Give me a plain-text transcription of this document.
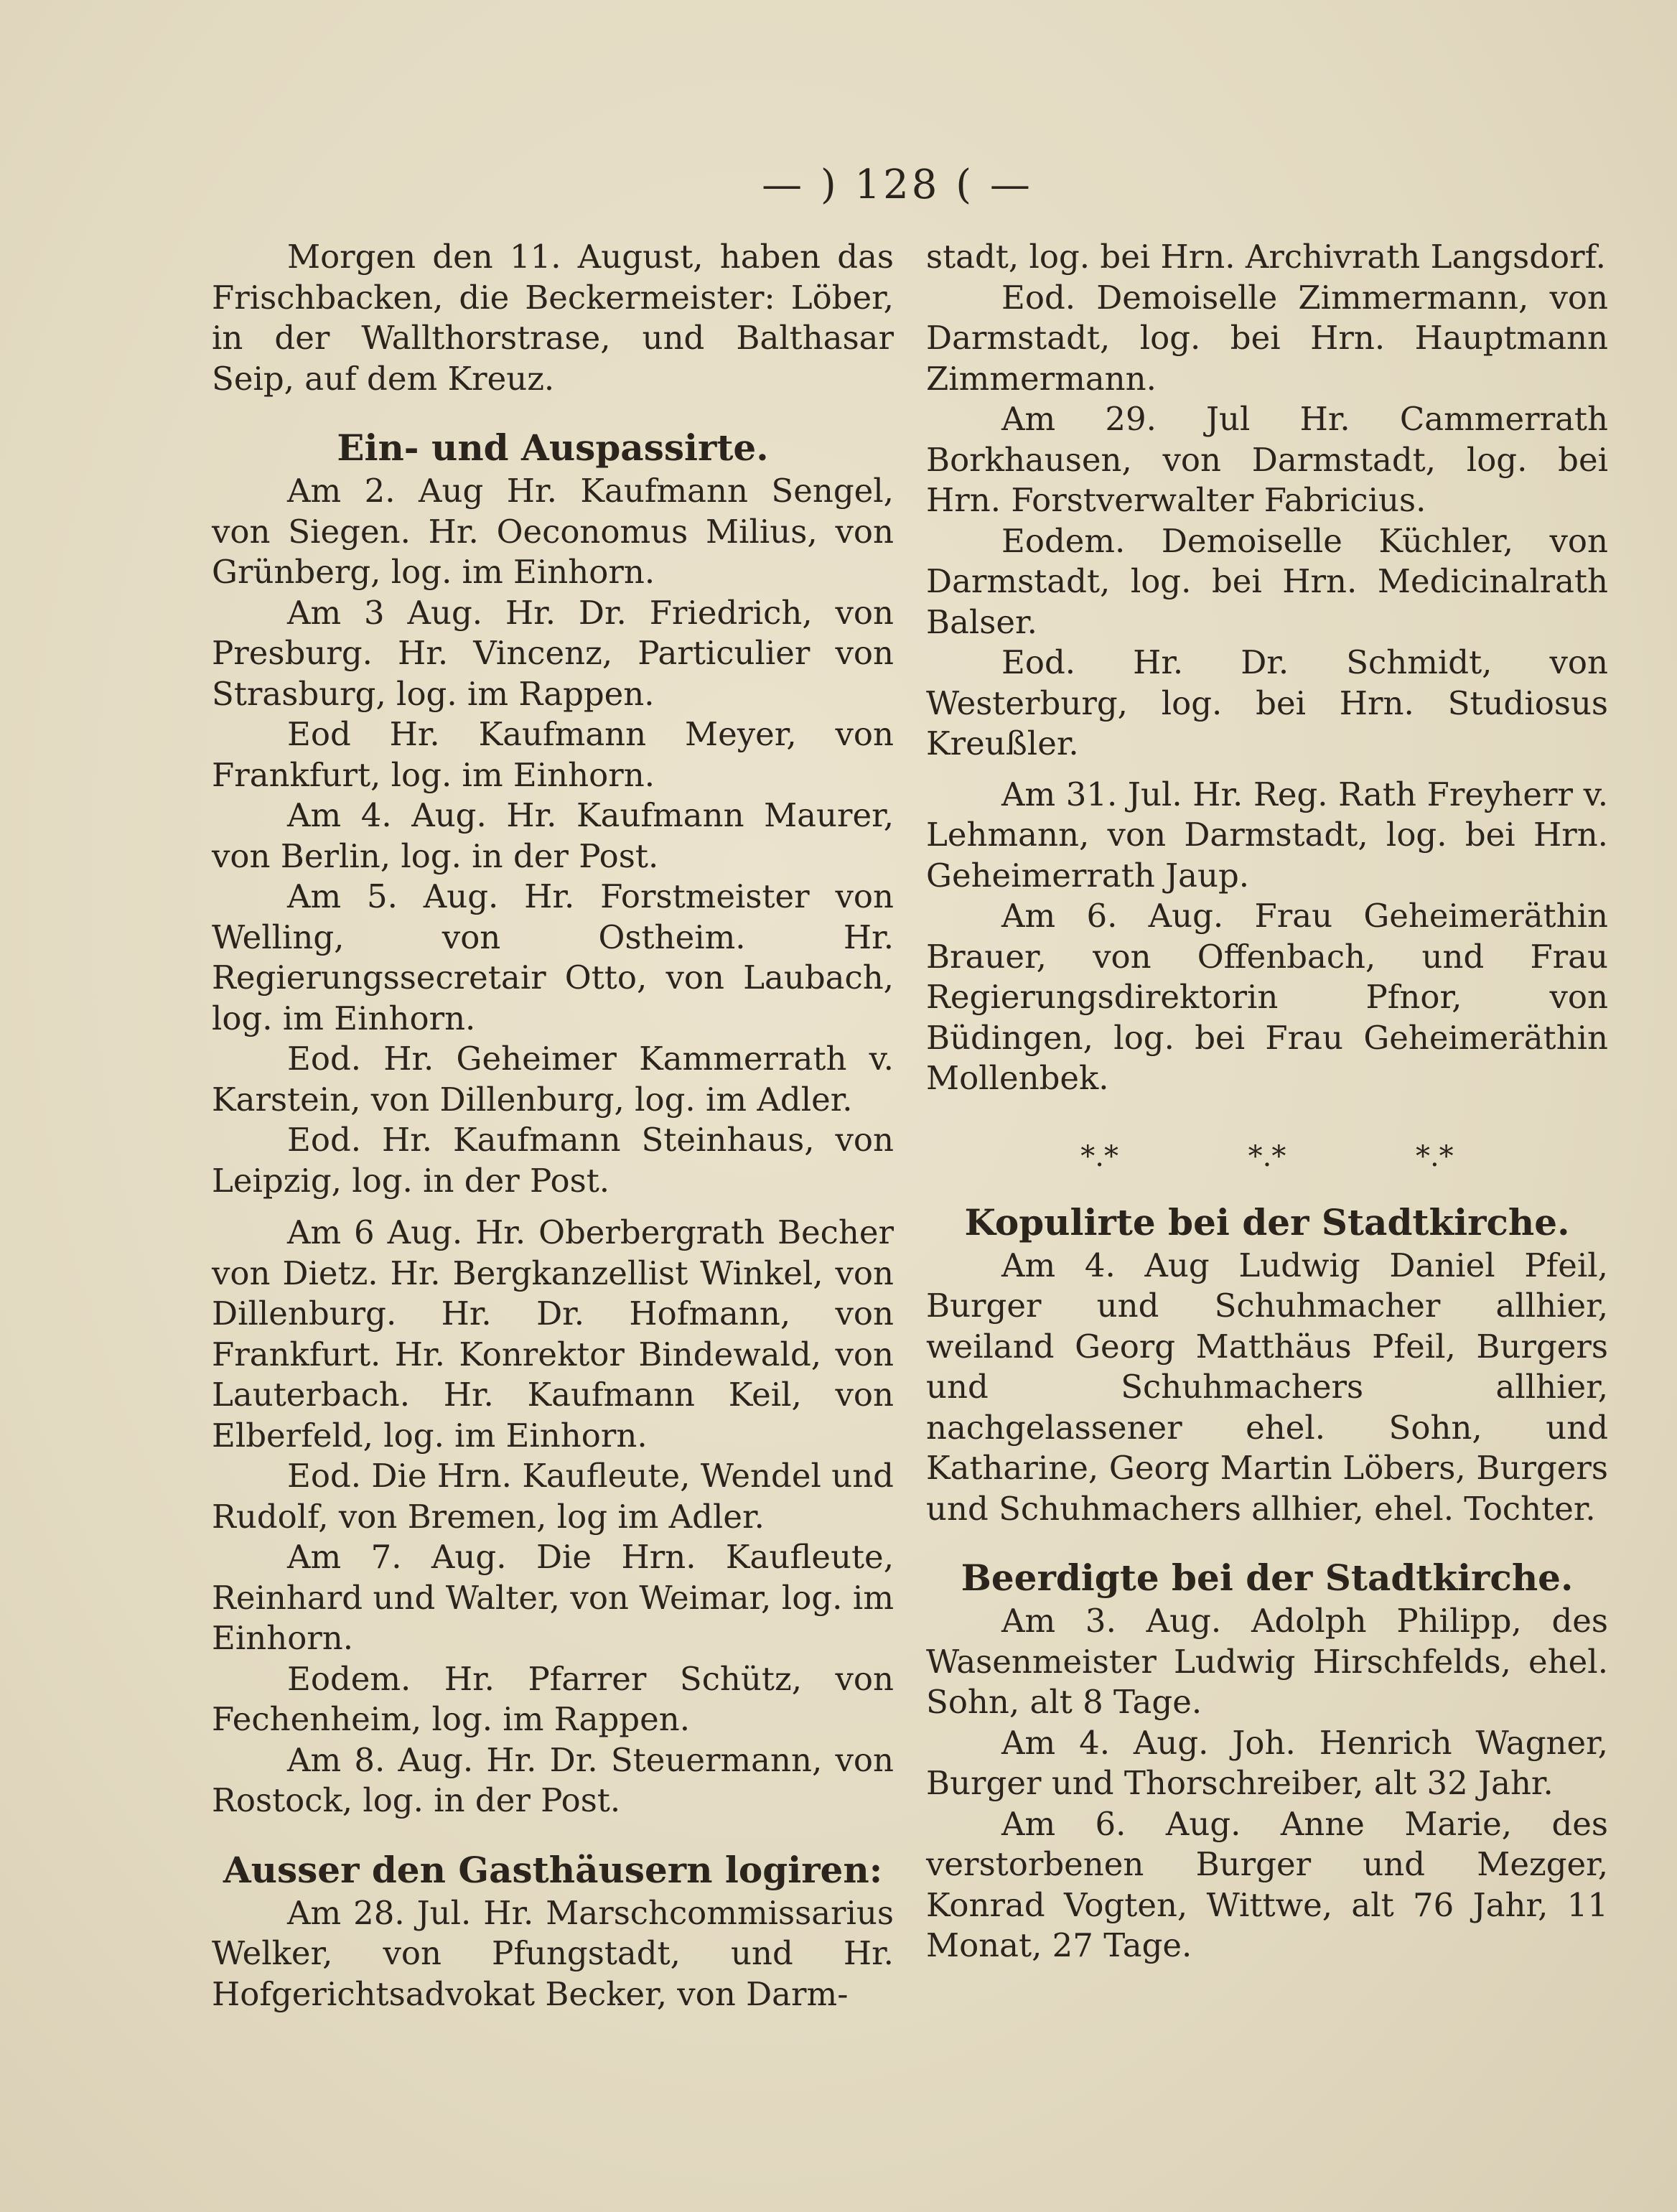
— ) 128 ( —

Morgen den 11. August, haben das Frischbacken, die Beckermeister: Löber, in der Wallthorstrase, und Balthasar Seip, auf dem Kreuz.

Ein- und Auspassirte.

Am 2. Aug Hr. Kaufmann Sengel, von Siegen. Hr. Oeconomus Milius, von Grünberg, log. im Einhorn.

Am 3 Aug. Hr. Dr. Friedrich, von Presburg. Hr. Vincenz, Particulier von Strasburg, log. im Rappen.

Eod Hr. Kaufmann Meyer, von Frankfurt, log. im Einhorn.

Am 4. Aug. Hr. Kaufmann Maurer, von Berlin, log. in der Post.

Am 5. Aug. Hr. Forstmeister von Welling, von Ostheim. Hr. Regierungssecretair Otto, von Laubach, log. im Einhorn.

Eod. Hr. Geheimer Kammerrath v. Karstein, von Dillenburg, log. im Adler.

Eod. Hr. Kaufmann Steinhaus, von Leipzig, log. in der Post.

Am 6 Aug. Hr. Oberbergrath Becher von Dietz. Hr. Bergkanzellist Winkel, von Dillenburg. Hr. Dr. Hofmann, von Frankfurt. Hr. Konrektor Bindewald, von Lauterbach. Hr. Kaufmann Keil, von Elberfeld, log. im Einhorn.

Eod. Die Hrn. Kaufleute, Wendel und Rudolf, von Bremen, log im Adler.

Am 7. Aug. Die Hrn. Kaufleute, Reinhard und Walter, von Weimar, log. im Einhorn.

Eodem. Hr. Pfarrer Schütz, von Fechenheim, log. im Rappen.

Am 8. Aug. Hr. Dr. Steuermann, von Rostock, log. in der Post.

Ausser den Gasthäusern logiren:

Am 28. Jul. Hr. Marschcommissarius Welker, von Pfungstadt, und Hr. Hofgerichtsadvokat Becker, von Darm-

stadt, log. bei Hrn. Archivrath Langsdorf.

Eod. Demoiselle Zimmermann, von Darmstadt, log. bei Hrn. Hauptmann Zimmermann.

Am 29. Jul Hr. Cammerrath Borkhausen, von Darmstadt, log. bei Hrn. Forstverwalter Fabricius.

Eodem. Demoiselle Küchler, von Darmstadt, log. bei Hrn. Medicinalrath Balser.

Eod. Hr. Dr. Schmidt, von Westerburg, log. bei Hrn. Studiosus Kreußler.

Am 31. Jul. Hr. Reg. Rath Freyherr v. Lehmann, von Darmstadt, log. bei Hrn. Geheimerrath Jaup.

Am 6. Aug. Frau Geheimeräthin Brauer, von Offenbach, und Frau Regierungsdirektorin Pfnor, von Büdingen, log. bei Frau Geheimeräthin Mollenbek.

*.*	*.*	*.*
Kopulirte bei der Stadtkirche.

Am 4. Aug Ludwig Daniel Pfeil, Burger und Schuhmacher allhier, weiland Georg Matthäus Pfeil, Burgers und Schuhmachers allhier, nachgelassener ehel. Sohn, und Katharine, Georg Martin Löbers, Burgers und Schuhmachers allhier, ehel. Tochter.

Beerdigte bei der Stadtkirche.

Am 3. Aug. Adolph Philipp, des Wasenmeister Ludwig Hirschfelds, ehel. Sohn, alt 8 Tage.

Am 4. Aug. Joh. Henrich Wagner, Burger und Thorschreiber, alt 32 Jahr.

Am 6. Aug. Anne Marie, des verstorbenen Burger und Mezger, Konrad Vogten, Wittwe, alt 76 Jahr, 11 Monat, 27 Tage.
